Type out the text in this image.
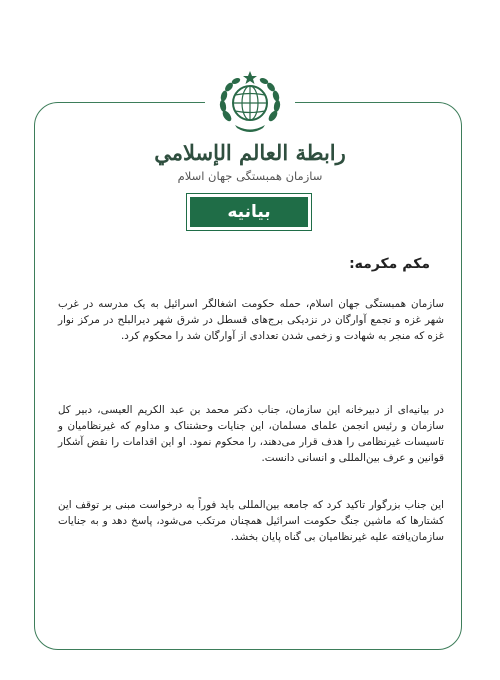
رابطة العالم الإسلامي
سازمان همبستگی جهان اسلام
بیانیه
مکم مکرمه:
سازمان همبستگی جهان اسلام، حمله حکومت اشغالگر اسرائیل به یک مدرسه در غرب شهر غزه و تجمع آوارگان در نزدیکی برج‌های قسطل در شرق شهر دیرالبلح در مرکز نوار غزه که منجر به شهادت و زخمی شدن تعدادی از آوارگان شد را محکوم کرد.
در بیانیه‌ای از دبیرخانه این سازمان، جناب دکتر محمد بن عبد الکریم العیسی، دبیر کل سازمان و رئیس انجمن علمای مسلمان، این جنایات وحشتناک و مداوم که غیرنظامیان و تاسیسات غیرنظامی را هدف قرار می‌دهند، را محکوم نمود. او این اقدامات را نقض آشکار قوانین و عرف بین‌المللی و انسانی دانست.
این جناب بزرگوار تاکید کرد که جامعه بین‌المللی باید فوراً به درخواست مبنی بر توقف این کشتارها که ماشین جنگ حکومت اسرائیل همچنان مرتکب می‌شود، پاسخ دهد و به جنایات سازمان‌یافته علیه غیرنظامیان بی گناه پایان بخشد.
